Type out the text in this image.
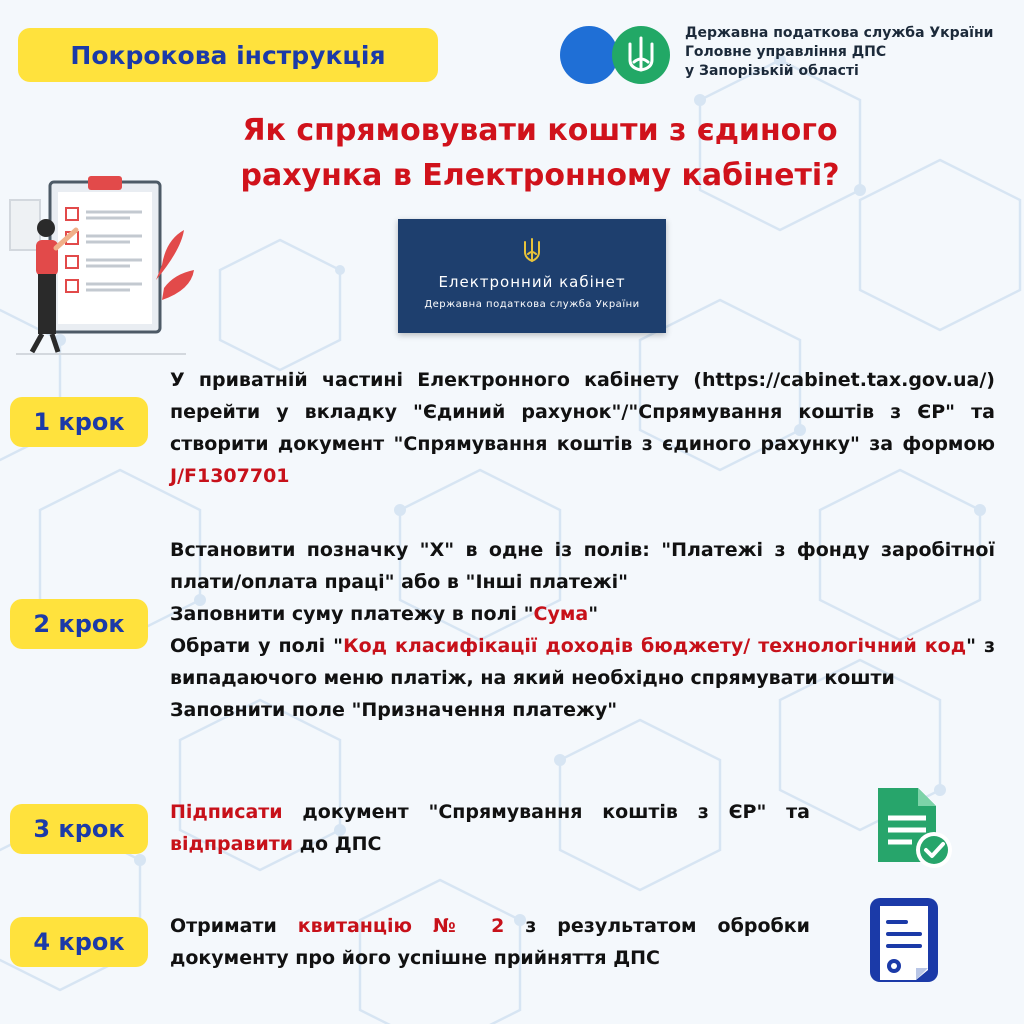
Покрокова інструкція
Державна податкова служба України
Головне управління ДПС
у Запорізькій області
Як спрямовувати кошти з єдиного
рахунка в Електронному кабінеті?
Електронний кабінет
Державна податкова служба України
1 крок

У приватній частині Електронного кабінету (https://cabinet.tax.gov.ua/) перейти у вкладку "Єдиний рахунок"/"Спрямування коштів з ЄР" та створити документ "Спрямування коштів з єдиного рахунку" за формою J/F1307701

2 крок

Встановити позначку "Х" в одне із полів: "Платежі з фонду заробітної плати/оплата праці" або в "Інші платежі"

Заповнити суму платежу в полі "Сума"

Обрати у полі "Код класифікації доходів бюджету/ технологічний код" з випадаючого меню платіж, на який необхідно спрямувати кошти

Заповнити поле "Призначення платежу"

3 крок

Підписати документ "Спрямування коштів з ЄР" та відправити до ДПС

4 крок

Отримати квитанцію № 2 з результатом обробки документу про його успішне прийняття ДПС
